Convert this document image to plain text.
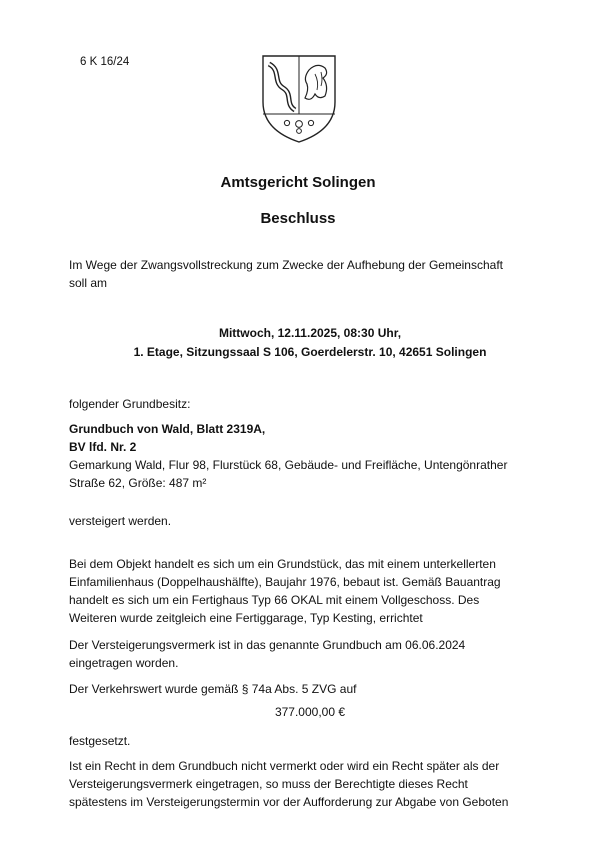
6 K 16/24
Amtsgericht Solingen
Beschluss
Im Wege der Zwangsvollstreckung zum Zwecke der Aufhebung der Gemeinschaft
soll am
Mittwoch, 12.11.2025, 08:30 Uhr,
1. Etage, Sitzungssaal S 106, Goerdelerstr. 10, 42651 Solingen
folgender Grundbesitz:
Grundbuch von Wald, Blatt 2319A,
BV lfd. Nr. 2
Gemarkung Wald, Flur 98, Flurstück 68, Gebäude- und Freifläche, Untengönrather
Straße 62, Größe: 487 m²
versteigert werden.
Bei dem Objekt handelt es sich um ein Grundstück, das mit einem unterkellerten
Einfamilienhaus (Doppelhaushälfte), Baujahr 1976, bebaut ist. Gemäß Bauantrag
handelt es sich um ein Fertighaus Typ 66 OKAL mit einem Vollgeschoss. Des
Weiteren wurde zeitgleich eine Fertiggarage, Typ Kesting, errichtet
Der Versteigerungsvermerk ist in das genannte Grundbuch am 06.06.2024
eingetragen worden.
Der Verkehrswert wurde gemäß § 74a Abs. 5 ZVG auf
377.000,00 €
festgesetzt.
Ist ein Recht in dem Grundbuch nicht vermerkt oder wird ein Recht später als der
Versteigerungsvermerk eingetragen, so muss der Berechtigte dieses Recht
spätestens im Versteigerungstermin vor der Aufforderung zur Abgabe von Geboten
